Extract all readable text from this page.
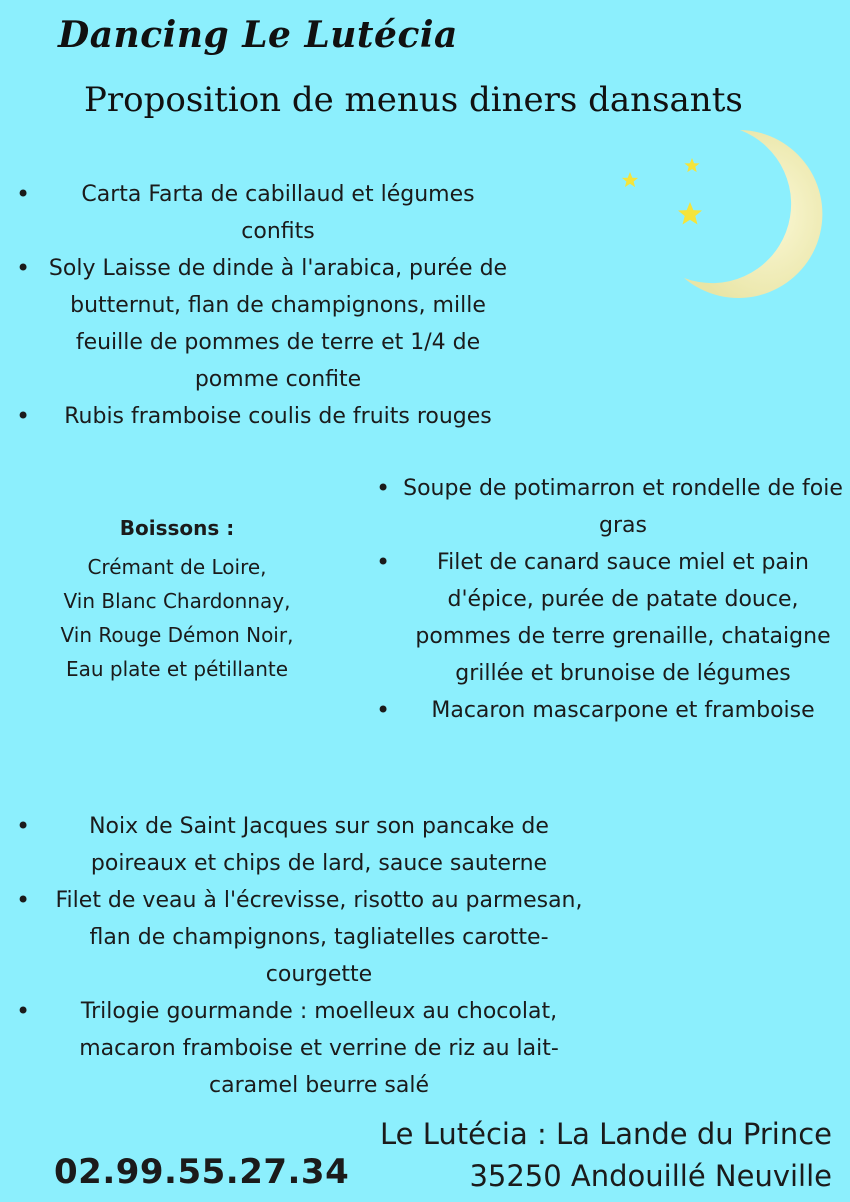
Dancing Le Lutécia
Proposition de menus diners dansants
• Carta Farta de cabillaud et légumes confits
• Soly Laisse de dinde à l'arabica, purée de butternut, flan de champignons, mille feuille de pommes de terre et 1/4 de pomme confite
• Rubis framboise coulis de fruits rouges
Boissons :
Crémant de Loire,
Vin Blanc Chardonnay,
Vin Rouge Démon Noir,
Eau plate et pétillante
• Soupe de potimarron et rondelle de foie gras
• Filet de canard sauce miel et pain d'épice, purée de patate douce, pommes de terre grenaille, chataigne grillée et brunoise de légumes
• Macaron mascarpone et framboise
• Noix de Saint Jacques sur son pancake de poireaux et chips de lard, sauce sauterne
• Filet de veau à l'écrevisse, risotto au parmesan, flan de champignons, tagliatelles carotte-courgette
• Trilogie gourmande : moelleux au chocolat, macaron framboise et verrine de riz au lait-caramel beurre salé
Le Lutécia : La Lande du Prince
35250 Andouillé Neuville
02.99.55.27.34
